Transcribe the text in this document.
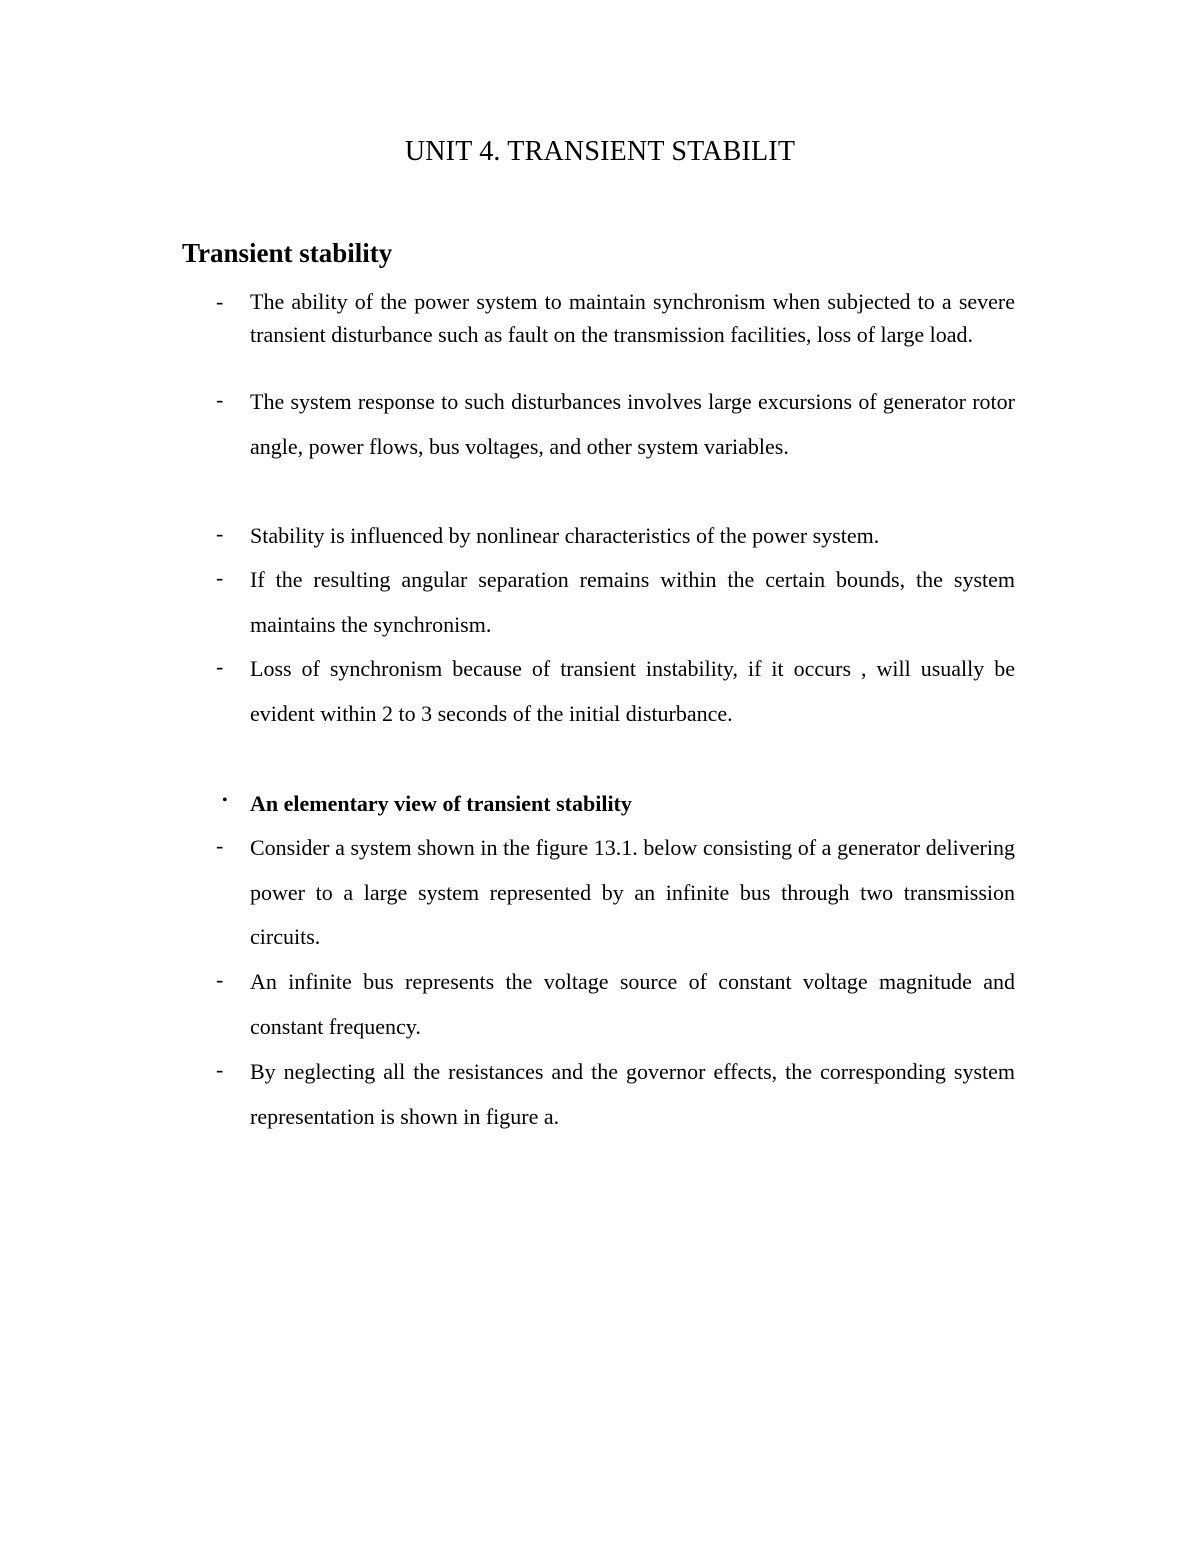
UNIT 4. TRANSIENT STABILIT
Transient stability
- The ability of the power system to maintain synchronism when subjected to a severe transient disturbance such as fault on the transmission facilities, loss of large load.

- The system response to such disturbances involves large excursions of generator rotor angle, power flows, bus voltages, and other system variables.

- Stability is influenced by nonlinear characteristics of the power system.

- If the resulting angular separation remains within the certain bounds, the system maintains the synchronism.

- Loss of synchronism because of transient instability, if it occurs , will usually be evident within 2 to 3 seconds of the initial disturbance.

• An elementary view of transient stability

- Consider a system shown in the figure 13.1. below consisting of a generator delivering power to a large system represented by an infinite bus through two transmission circuits.

- An infinite bus represents the voltage source of constant voltage magnitude and constant frequency.

- By neglecting all the resistances and the governor effects, the corresponding system representation is shown in figure a.
